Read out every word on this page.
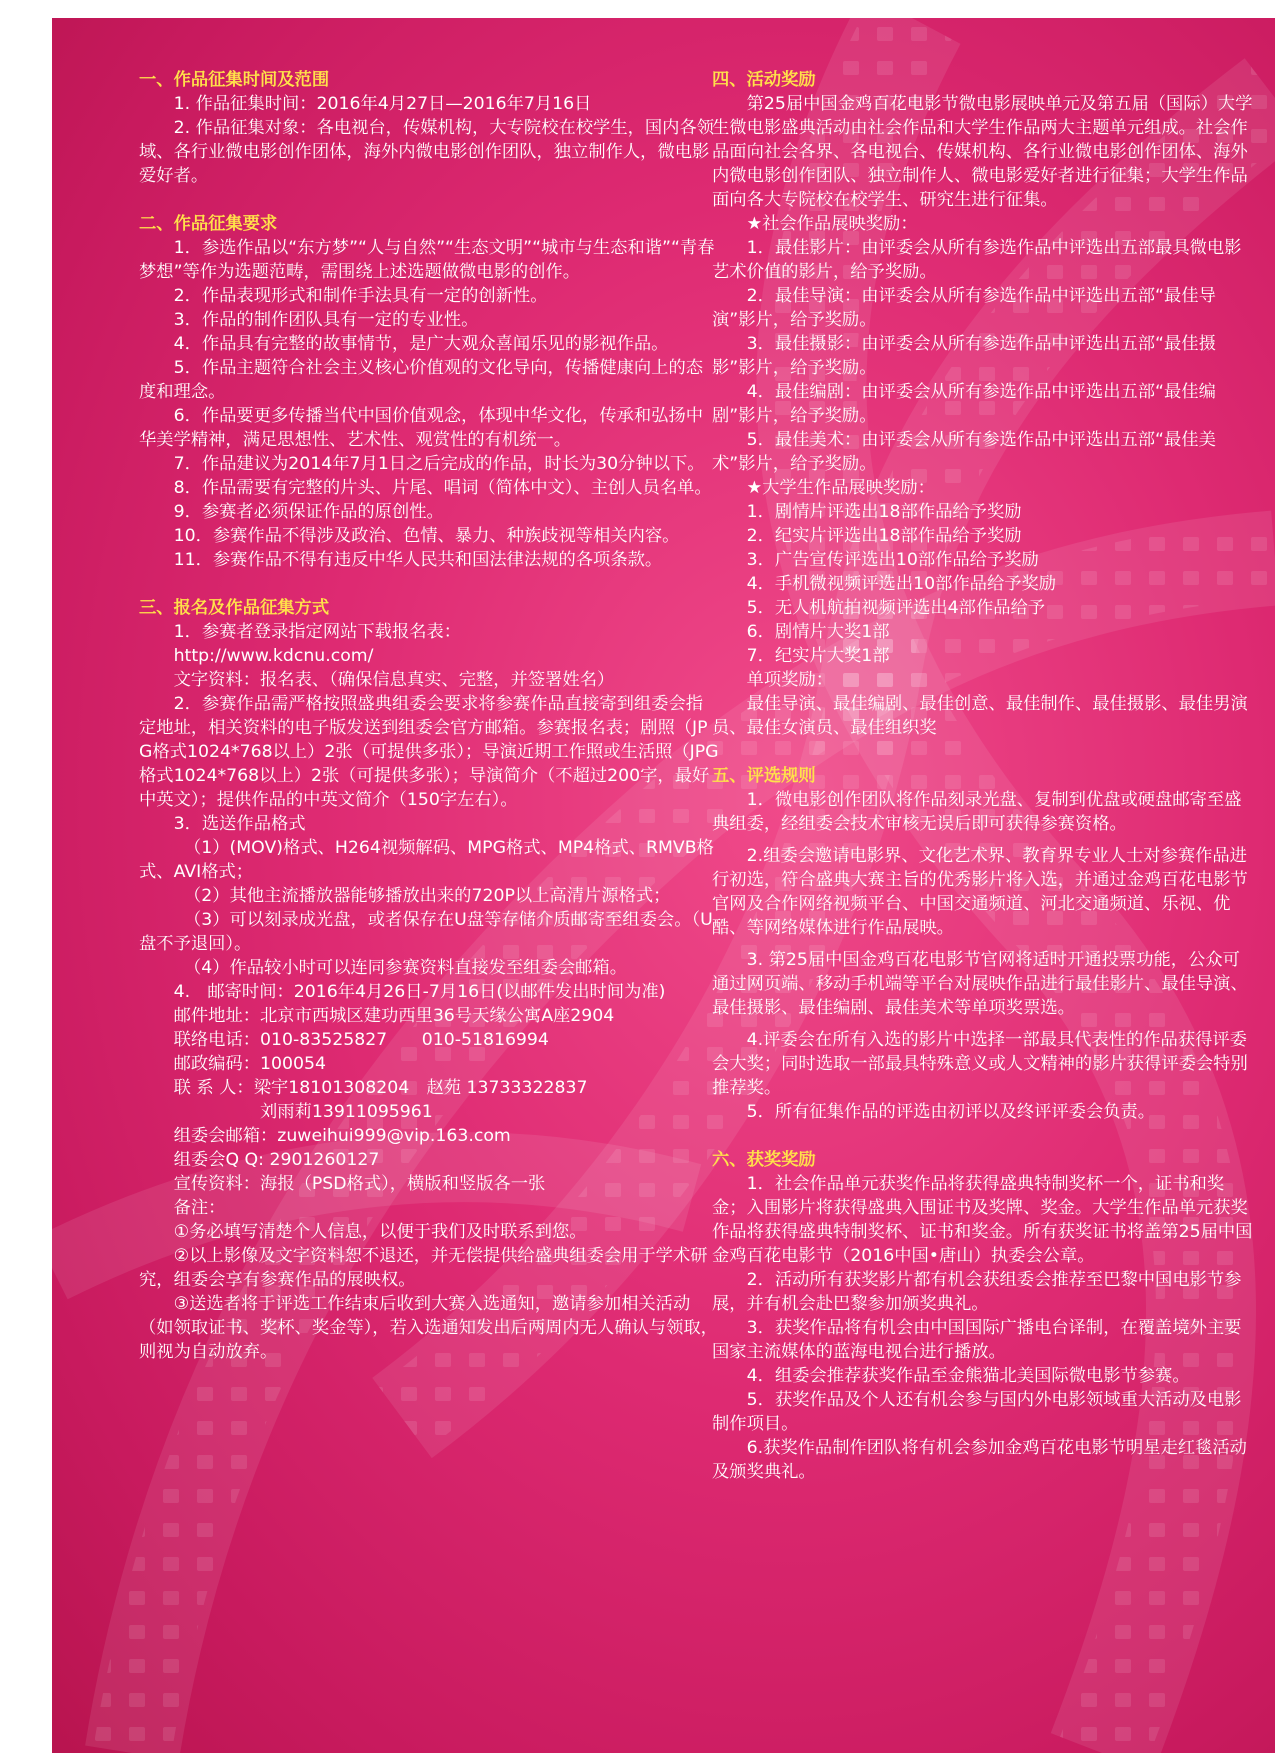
一、作品征集时间及范围

1. 作品征集时间：2016年4月27日—2016年7月16日

2. 作品征集对象：各电视台，传媒机构，大专院校在校学生，国内各领域、各行业微电影创作团体，海外内微电影创作团队，独立制作人，微电影爱好者。

二、作品征集要求

1．参选作品以“东方梦”“人与自然”“生态文明”“城市与生态和谐”“青春梦想”等作为选题范畴，需围绕上述选题做微电影的创作。

2．作品表现形式和制作手法具有一定的创新性。

3．作品的制作团队具有一定的专业性。

4．作品具有完整的故事情节，是广大观众喜闻乐见的影视作品。

5．作品主题符合社会主义核心价值观的文化导向，传播健康向上的态度和理念。

6．作品要更多传播当代中国价值观念，体现中华文化，传承和弘扬中华美学精神，满足思想性、艺术性、观赏性的有机统一。

7．作品建议为2014年7月1日之后完成的作品，时长为30分钟以下。

8．作品需要有完整的片头、片尾、唱词（简体中文）、主创人员名单。

9．参赛者必须保证作品的原创性。

10．参赛作品不得涉及政治、色情、暴力、种族歧视等相关内容。

11．参赛作品不得有违反中华人民共和国法律法规的各项条款。

三、报名及作品征集方式

1．参赛者登录指定网站下载报名表：

http://www.kdcnu.com/

文字资料：报名表、（确保信息真实、完整，并签署姓名）

2．参赛作品需严格按照盛典组委会要求将参赛作品直接寄到组委会指定地址，相关资料的电子版发送到组委会官方邮箱。参赛报名表；剧照（JPG格式1024*768以上）2张（可提供多张）；导演近期工作照或生活照（JPG格式1024*768以上）2张（可提供多张）；导演简介（不超过200字，最好中英文）；提供作品的中英文简介（150字左右）。

3．选送作品格式

（1）(MOV)格式、H264视频解码、MPG格式、MP4格式、RMVB格式、AVI格式；

（2）其他主流播放器能够播放出来的720P以上高清片源格式；

（3）可以刻录成光盘，或者保存在U盘等存储介质邮寄至组委会。（U盘不予退回）。

（4）作品较小时可以连同参赛资料直接发至组委会邮箱。

4.　邮寄时间：2016年4月26日-7月16日(以邮件发出时间为准)

邮件地址：北京市西城区建功西里36号天缘公寓A座2904

联络电话：010-83525827　　010-51816994

邮政编码：100054

联 系 人：梁宇18101308204　赵苑 13733322837

　　　　　刘雨莉13911095961

组委会邮箱：zuweihui999@vip.163.com

组委会Q Q: 2901260127

宣传资料：海报（PSD格式），横版和竖版各一张

备注：

①务必填写清楚个人信息，以便于我们及时联系到您。

②以上影像及文字资料恕不退还，并无偿提供给盛典组委会用于学术研究，组委会享有参赛作品的展映权。

③送选者将于评选工作结束后收到大赛入选通知，邀请参加相关活动（如领取证书、奖杯、奖金等），若入选通知发出后两周内无人确认与领取，则视为自动放弃。

四、活动奖励

第25届中国金鸡百花电影节微电影展映单元及第五届（国际）大学生微电影盛典活动由社会作品和大学生作品两大主题单元组成。社会作品面向社会各界、各电视台、传媒机构、各行业微电影创作团体、海外内微电影创作团队、独立制作人、微电影爱好者进行征集；大学生作品面向各大专院校在校学生、研究生进行征集。

★社会作品展映奖励：

1．最佳影片：由评委会从所有参选作品中评选出五部最具微电影艺术价值的影片，给予奖励。

2．最佳导演：由评委会从所有参选作品中评选出五部“最佳导演”影片，给予奖励。

3．最佳摄影：由评委会从所有参选作品中评选出五部“最佳摄影”影片，给予奖励。

4．最佳编剧：由评委会从所有参选作品中评选出五部“最佳编剧”影片，给予奖励。

5．最佳美术：由评委会从所有参选作品中评选出五部“最佳美术”影片，给予奖励。

★大学生作品展映奖励：

1．剧情片评选出18部作品给予奖励

2．纪实片评选出18部作品给予奖励

3．广告宣传评选出10部作品给予奖励

4．手机微视频评选出10部作品给予奖励

5．无人机航拍视频评选出4部作品给予

6．剧情片大奖1部

7．纪实片大奖1部

单项奖励：

最佳导演、最佳编剧、最佳创意、最佳制作、最佳摄影、最佳男演员、最佳女演员、最佳组织奖

五、评选规则

1．微电影创作团队将作品刻录光盘、复制到优盘或硬盘邮寄至盛典组委，经组委会技术审核无误后即可获得参赛资格。

2.组委会邀请电影界、文化艺术界、教育界专业人士对参赛作品进行初选，符合盛典大赛主旨的优秀影片将入选，并通过金鸡百花电影节官网及合作网络视频平台、中国交通频道、河北交通频道、乐视、优酷、等网络媒体进行作品展映。

3. 第25届中国金鸡百花电影节官网将适时开通投票功能，公众可通过网页端、移动手机端等平台对展映作品进行最佳影片、最佳导演、最佳摄影、最佳编剧、最佳美术等单项奖票选。

4.评委会在所有入选的影片中选择一部最具代表性的作品获得评委会大奖；同时选取一部最具特殊意义或人文精神的影片获得评委会特别推荐奖。

5．所有征集作品的评选由初评以及终评评委会负责。

六、获奖奖励

1．社会作品单元获奖作品将获得盛典特制奖杯一个，证书和奖金；入围影片将获得盛典入围证书及奖牌、奖金。大学生作品单元获奖作品将获得盛典特制奖杯、证书和奖金。所有获奖证书将盖第25届中国金鸡百花电影节（2016中国•唐山）执委会公章。

2．活动所有获奖影片都有机会获组委会推荐至巴黎中国电影节参展，并有机会赴巴黎参加颁奖典礼。

3．获奖作品将有机会由中国国际广播电台译制，在覆盖境外主要国家主流媒体的蓝海电视台进行播放。

4．组委会推荐获奖作品至金熊猫北美国际微电影节参赛。

5．获奖作品及个人还有机会参与国内外电影领域重大活动及电影制作项目。

6.获奖作品制作团队将有机会参加金鸡百花电影节明星走红毯活动及颁奖典礼。
